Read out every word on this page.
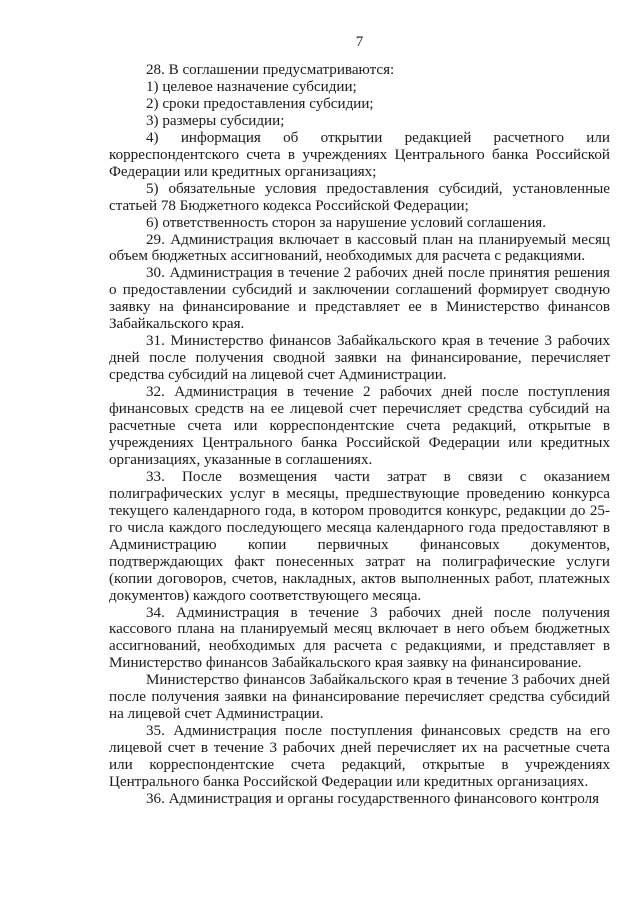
7

28. В соглашении предусматриваются:

1) целевое назначение субсидии;

2) сроки предоставления субсидии;

3) размеры субсидии;

4) информация об открытии редакцией расчетного или корреспондентского счета в учреждениях Центрального банка Российской Федерации или кредитных организациях;

5) обязательные условия предоставления субсидий, установленные статьей 78 Бюджетного кодекса Российской Федерации;

6) ответственность сторон за нарушение условий соглашения.

29. Администрация включает в кассовый план на планируемый месяц объем бюджетных ассигнований, необходимых для расчета с редакциями.

30. Администрация в течение 2 рабочих дней после принятия решения о предоставлении субсидий и заключении соглашений формирует сводную заявку на финансирование и представляет ее в Министерство финансов Забайкальского края.

31. Министерство финансов Забайкальского края в течение 3 рабочих дней после получения сводной заявки на финансирование, перечисляет средства субсидий на лицевой счет Администрации.

32. Администрация в течение 2 рабочих дней после поступления финансовых средств на ее лицевой счет перечисляет средства субсидий на расчетные счета или корреспондентские счета редакций, открытые в учреждениях Центрального банка Российской Федерации или кредитных организациях, указанные в соглашениях.

33. После возмещения части затрат в связи с оказанием полиграфических услуг в месяцы, предшествующие проведению конкурса текущего календарного года, в котором проводится конкурс, редакции до 25-го числа каждого последующего месяца календарного года предоставляют в Администрацию копии первичных финансовых документов, подтверждающих факт понесенных затрат на полиграфические услуги (копии договоров, счетов, накладных, актов выполненных работ, платежных документов) каждого соответствующего месяца.

34. Администрация в течение 3 рабочих дней после получения кассового плана на планируемый месяц включает в него объем бюджетных ассигнований, необходимых для расчета с редакциями, и представляет в Министерство финансов Забайкальского края заявку на финансирование.

Министерство финансов Забайкальского края в течение 3 рабочих дней после получения заявки на финансирование перечисляет средства субсидий на лицевой счет Администрации.

35. Администрация после поступления финансовых средств на его лицевой счет в течение 3 рабочих дней перечисляет их на расчетные счета или корреспондентские счета редакций, открытые в учреждениях Центрального банка Российской Федерации или кредитных организациях.

36. Администрация и органы государственного финансового контроля
